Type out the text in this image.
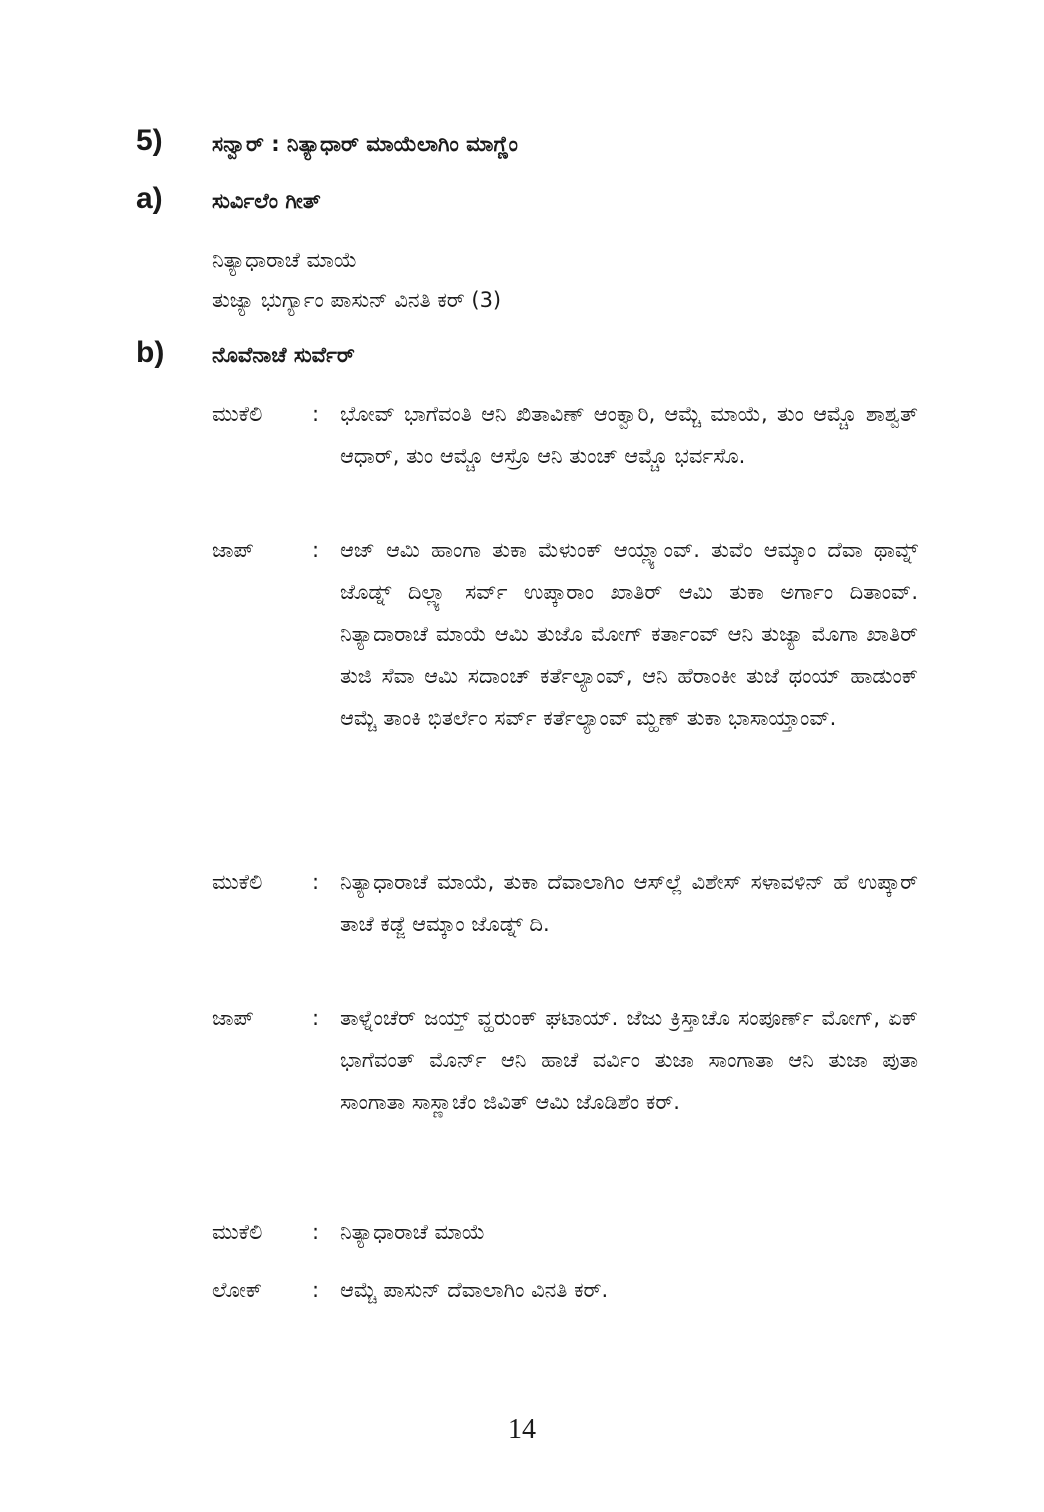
5) ಸನ್ವಾರ್ : ನಿತ್ಯಾಧಾರ್ ಮಾಯೆಲಾಗಿಂ ಮಾಗ್ಣೆಂ
a) ಸುರ್ವಿಲೆಂ ಗೀತ್
ನಿತ್ಯಾಧಾರಾಚೆ ಮಾಯೆ
ತುಜ್ಯಾ ಭುರ್ಗ್ಯಾಂ ಪಾಸುನ್ ವಿನತಿ ಕರ್ (3)
b) ನೊವೆನಾಚೆ ಸುರ್ವೆರ್
ಮುಕೆಲಿ	: ಭೋವ್ ಭಾಗೆವಂತಿ ಆನಿ ಖಿತಾವಿಣ್ ಆಂಕ್ವಾರಿ, ಆಮ್ಚೆ ಮಾಯೆ, ತುಂ ಆಮ್ಚೊ ಶಾಶ್ವತ್ ಆಧಾರ್, ತುಂ ಆಮ್ಚೊ ಆಸ್ರೊ ಆನಿ ತುಂಚ್ ಆಮ್ಚೊ ಭರ್ವಸೊ.
ಜಾಪ್	: ಆಜ್ ಆಮಿ ಹಾಂಗಾ ತುಕಾ ಮೆಳುಂಕ್ ಆಯ್ಲ್ಯಾಂವ್. ತುವೆಂ ಆಮ್ಕಾಂ ದೆವಾ ಥಾವ್ನ್ ಜೊಡ್ನ್ ದಿಲ್ಲ್ಯಾ ಸರ್ವ್ ಉಪ್ಕಾರಾಂ ಖಾತಿರ್ ಆಮಿ ತುಕಾ ಅರ್ಗಾಂ ದಿತಾಂವ್. ನಿತ್ಯಾದಾರಾಚೆ ಮಾಯೆ ಆಮಿ ತುಜೊ ಮೋಗ್ ಕರ್ತಾಂವ್ ಆನಿ ತುಜ್ಯಾ ಮೊಗಾ ಖಾತಿರ್ ತುಜಿ ಸೆವಾ ಆಮಿ ಸದಾಂಚ್ ಕರ್ತೆಲ್ಯಾಂವ್, ಆನಿ ಹೆರಾಂಕೀ ತುಜೆ ಥಂಯ್ ಹಾಡುಂಕ್ ಆಮ್ಚೆ ತಾಂಕಿ ಭಿತರ್ಲೆಂ ಸರ್ವ್ ಕರ್ತೆಲ್ಯಾಂವ್ ಮ್ಹಣ್ ತುಕಾ ಭಾಸಾಯ್ತಾಂವ್.
ಮುಕೆಲಿ	: ನಿತ್ಯಾಧಾರಾಚೆ ಮಾಯೆ, ತುಕಾ ದೆವಾಲಾಗಿಂ ಆಸ್‌ಲ್ಲೆ ವಿಶೇಸ್ ಸಳಾವಳಿನ್ ಹೆ ಉಪ್ಕಾರ್ ತಾಚೆ ಕಡ್ಜೆ ಆಮ್ಕಾಂ ಜೊಡ್ನ್ ದಿ.
ಜಾಪ್	: ತಾಳ್ನೆಂಚೆರ್ ಜಯ್ತ್ ವ್ಹರುಂಕ್ ಘಟಾಯ್. ಜೆಜು ಕ್ರಿಸ್ತಾಚೊ ಸಂಪೂರ್ಣ್ ಮೋಗ್, ಏಕ್ ಭಾಗೆವಂತ್ ಮೊರ್ನ್ ಆನಿ ಹಾಚೆ ವರ್ವಿಂ ತುಜಾ ಸಾಂಗಾತಾ ಆನಿ ತುಜಾ ಪುತಾ ಸಾಂಗಾತಾ ಸಾಸ್ಣಾಚೆಂ ಜಿವಿತ್ ಆಮಿ ಜೊಡಿಶೆಂ ಕರ್.
ಮುಕೆಲಿ	: ನಿತ್ಯಾಧಾರಾಚೆ ಮಾಯೆ
ಲೋಕ್	: ಆಮ್ಚೆ ಪಾಸುನ್ ದೆವಾಲಾಗಿಂ ವಿನತಿ ಕರ್.
14
